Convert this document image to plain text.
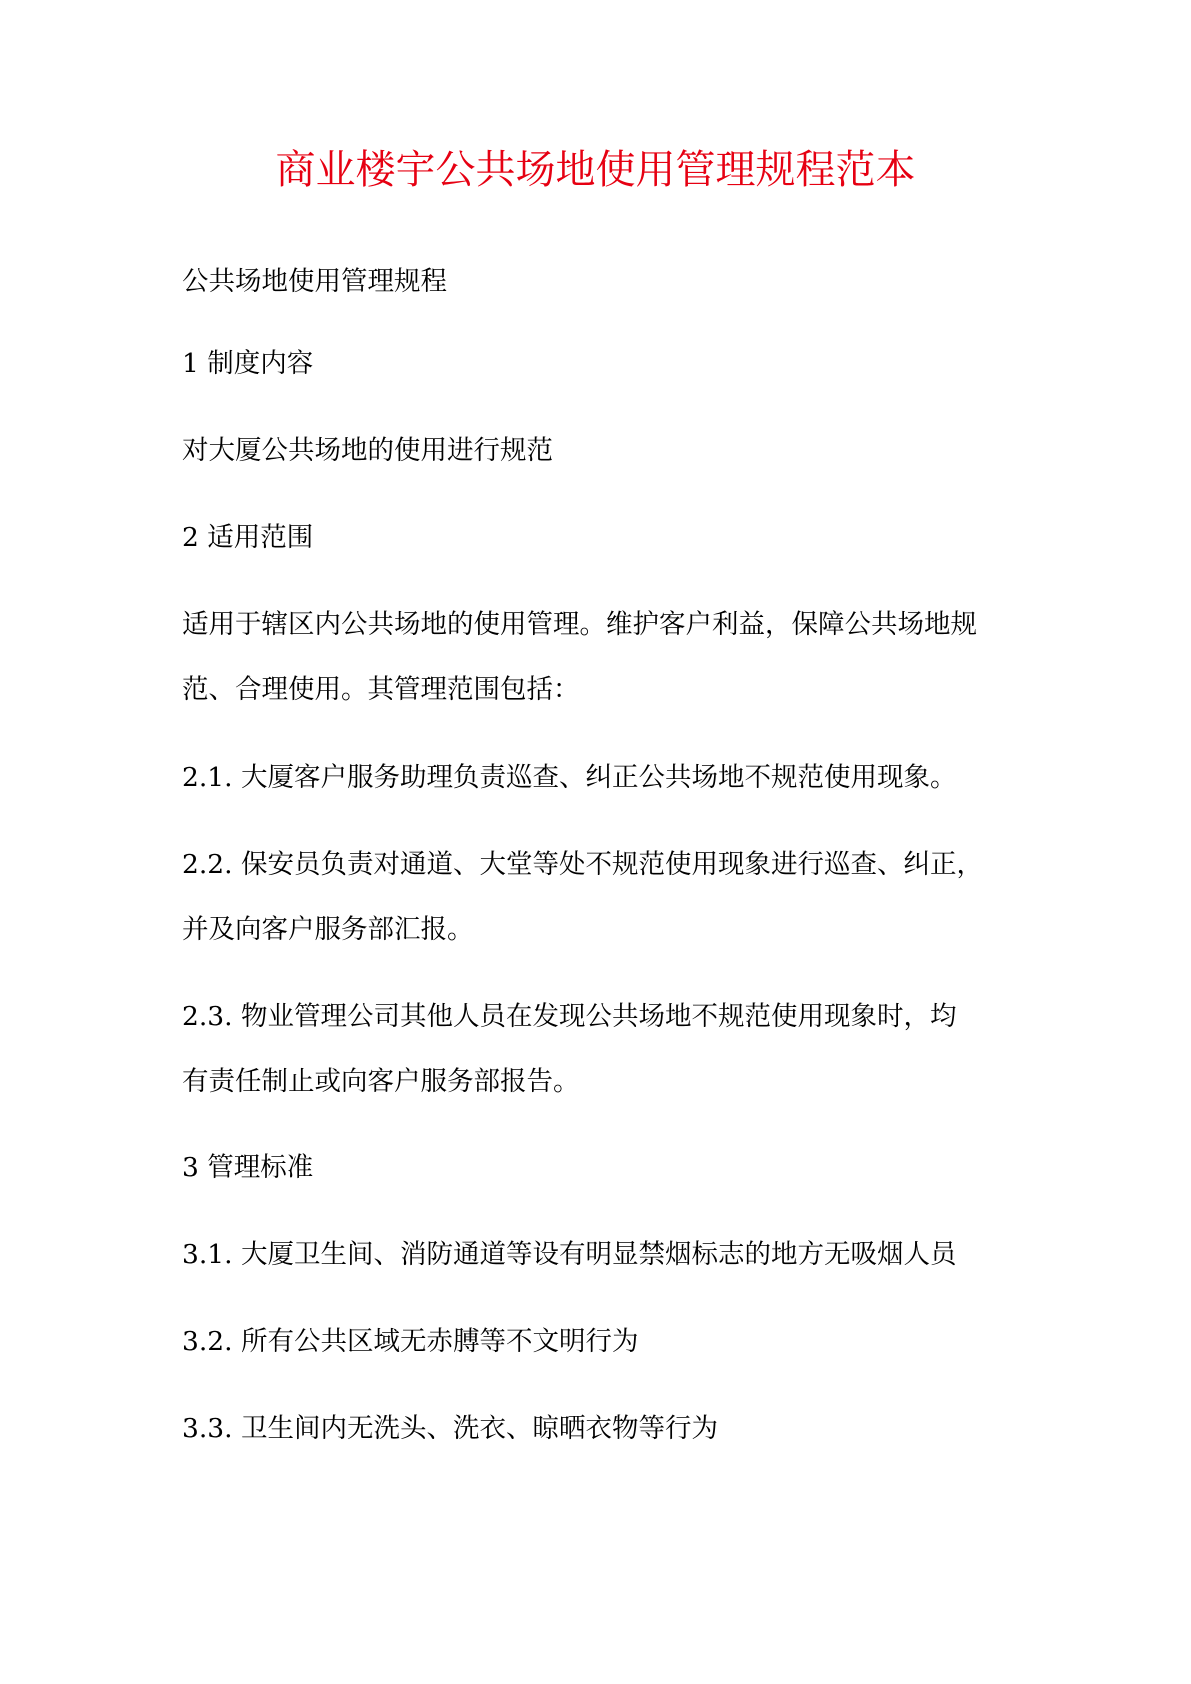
商业楼宇公共场地使用管理规程范本

公共场地使用管理规程

1 制度内容

对大厦公共场地的使用进行规范

2 适用范围

适用于辖区内公共场地的使用管理。维护客户利益，保障公共场地规
范、合理使用。其管理范围包括：

2.1. 大厦客户服务助理负责巡查、纠正公共场地不规范使用现象。

2.2. 保安员负责对通道、大堂等处不规范使用现象进行巡查、纠正，
并及向客户服务部汇报。

2.3. 物业管理公司其他人员在发现公共场地不规范使用现象时，均
有责任制止或向客户服务部报告。

3 管理标准

3.1. 大厦卫生间、消防通道等设有明显禁烟标志的地方无吸烟人员

3.2. 所有公共区域无赤膊等不文明行为

3.3. 卫生间内无洗头、洗衣、晾晒衣物等行为
